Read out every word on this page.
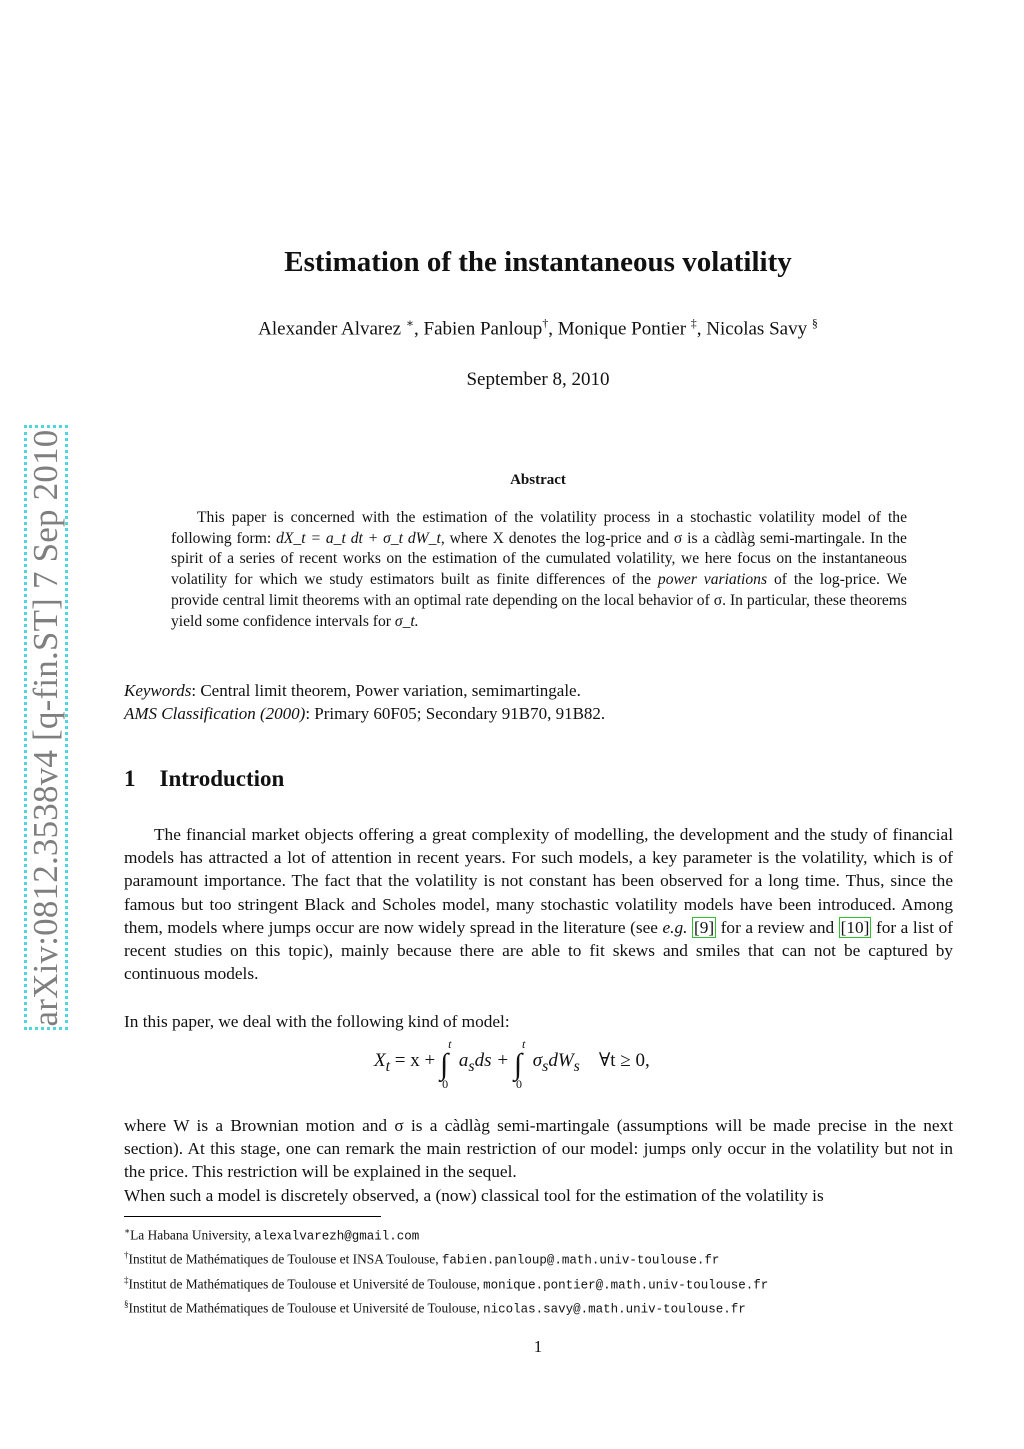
arXiv:0812.3538v4 [q-fin.ST] 7 Sep 2010
Estimation of the instantaneous volatility
Alexander Alvarez ∗, Fabien Panloup†, Monique Pontier ‡, Nicolas Savy §
September 8, 2010
Abstract
This paper is concerned with the estimation of the volatility process in a stochastic volatility model of the following form: dX_t = a_t dt + σ_t dW_t, where X denotes the log-price and σ is a càdlàg semi-martingale. In the spirit of a series of recent works on the estimation of the cumulated volatility, we here focus on the instantaneous volatility for which we study estimators built as finite differences of the power variations of the log-price. We provide central limit theorems with an optimal rate depending on the local behavior of σ. In particular, these theorems yield some confidence intervals for σ_t.
Keywords: Central limit theorem, Power variation, semimartingale.
AMS Classification (2000): Primary 60F05; Secondary 91B70, 91B82.
1 Introduction
The financial market objects offering a great complexity of modelling, the development and the study of financial models has attracted a lot of attention in recent years. For such models, a key parameter is the volatility, which is of paramount importance. The fact that the volatility is not constant has been observed for a long time. Thus, since the famous but too stringent Black and Scholes model, many stochastic volatility models have been introduced. Among them, models where jumps occur are now widely spread in the literature (see e.g. [9] for a review and [10] for a list of recent studies on this topic), mainly because there are able to fit skews and smiles that can not be captured by continuous models.
In this paper, we deal with the following kind of model:
$X_t = x + \int t$
0 $a_sds + \int t$
0 $\sigma_sdW_s$ ∀t ≥ 0,
where W is a Brownian motion and σ is a càdlàg semi-martingale (assumptions will be made precise in the next section). At this stage, one can remark the main restriction of our model: jumps only occur in the volatility but not in the price. This restriction will be explained in the sequel.
When such a model is discretely observed, a (now) classical tool for the estimation of the volatility is
∗La Habana University, alexalvarezh@gmail.com
†Institut de Mathématiques de Toulouse et INSA Toulouse, fabien.panloup@.math.univ-toulouse.fr
‡Institut de Mathématiques de Toulouse et Université de Toulouse, monique.pontier@.math.univ-toulouse.fr
§Institut de Mathématiques de Toulouse et Université de Toulouse, nicolas.savy@.math.univ-toulouse.fr
1
